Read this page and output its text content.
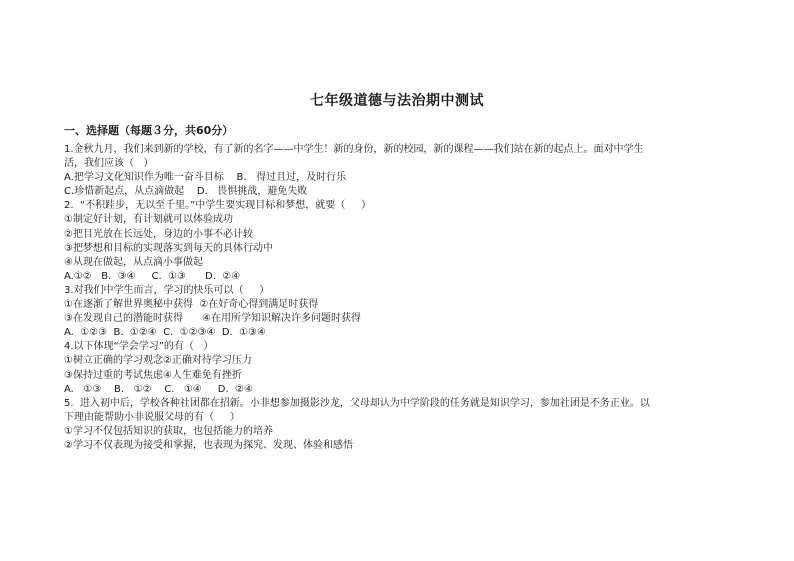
七年级道德与法治期中测试
一、选择题（每题３分，共60分）
1.金秋九月，我们来到新的学校，有了新的名字——中学生！新的身份，新的校园，新的课程——我们站在新的起点上。面对中学生
活，我们应该（   ）
A.把学习文化知识作为唯一奋斗目标    B.   得过且过，及时行乐
C.珍惜新起点，从点滴做起    D.   畏惧挑战，避免失败
2.  “不积跬步，无以至千里。”中学生要实现目标和梦想，就要（     ）
①制定好计划，有计划就可以体验成功
②把目光放在长远处，身边的小事不必计较
③把梦想和目标的实现落实到每天的具体行动中
④从现在做起，从点滴小事做起
A.①②   B.  ③④     C.  ①③      D.  ②④
3.对我们中学生而言，学习的快乐可以（     ）
①在逐渐了解世界奥秘中获得  ②在好奇心得到满足时获得
③在发现自己的潜能时获得      ④在用所学知识解决许多问题时获得
A.  ①②③  B.  ①②④  C.  ①②③④  D.  ①③④
4.以下体现“学会学习”的有（   ）
①树立正确的学习观念②正确对待学习压力
③保持过重的考试焦虑④人生难免有挫折
A.   ①③    B.   ①②    C.   ①④     D.  ②④
5.  进入初中后，学校各种社团都在招新。小非想参加摄影沙龙，父母却认为中学阶段的任务就是知识学习，参加社团是不务正业。以
下理由能帮助小非说服父母的有（     ）
①学习不仅包括知识的获取，也包括能力的培养
②学习不仅表现为接受和掌握，也表现为探究、发现、体验和感悟
